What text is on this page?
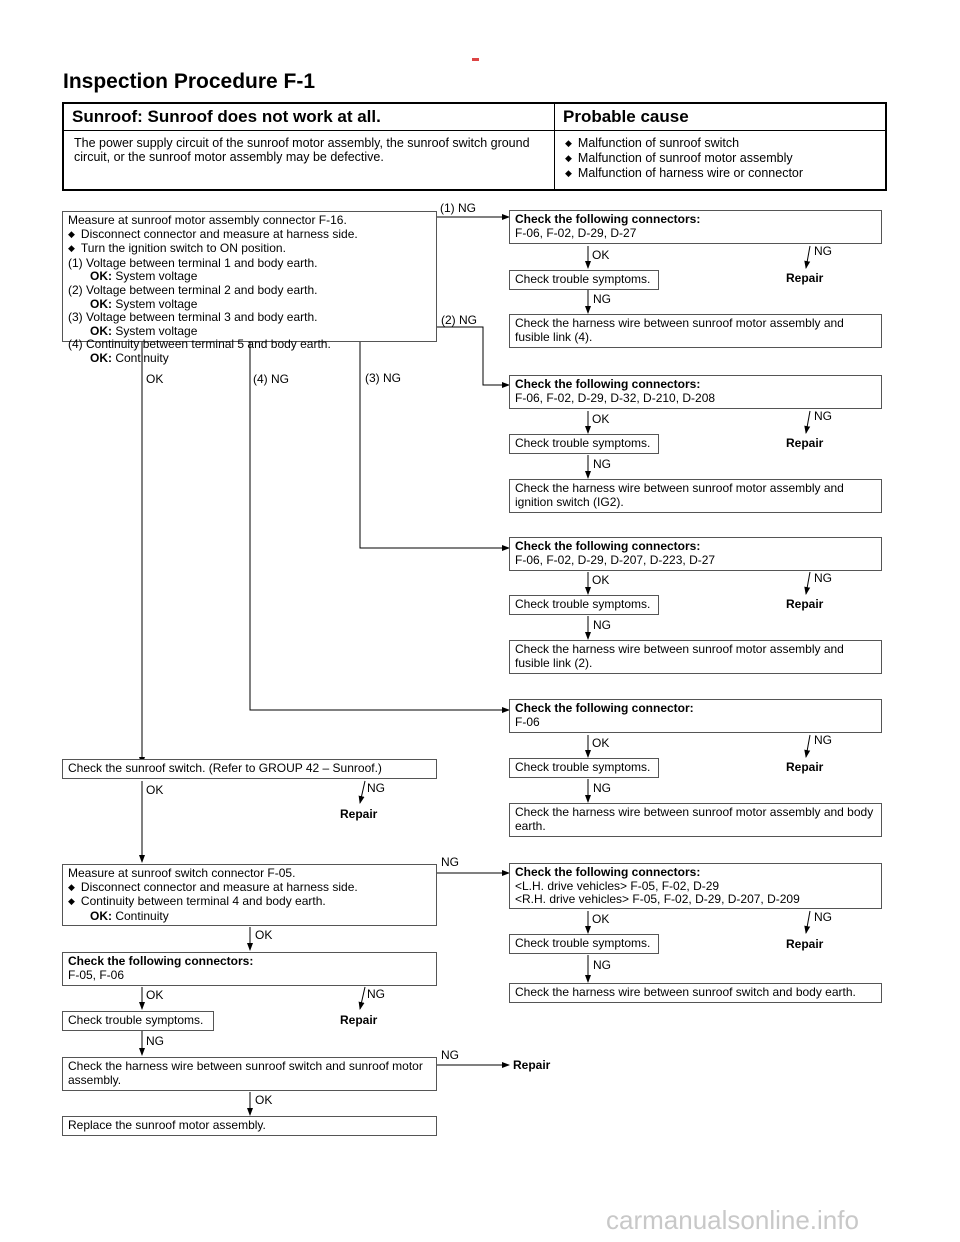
Inspection Procedure F-1
Sunroof: Sunroof does not work at all.	Probable cause
The power supply circuit of the sunroof motor assembly, the sunroof switch ground circuit, or the sunroof motor assembly may be defective.	◆ Malfunction of sunroof switch
◆ Malfunction of sunroof motor assembly
◆ Malfunction of harness wire or connector
Measure at sunroof motor assembly connector F-16.
◆ Disconnect connector and measure at harness side.
◆ Turn the ignition switch to ON position.
(1) Voltage between terminal 1 and body earth.
OK: System voltage
(2) Voltage between terminal 2 and body earth.
OK: System voltage
(3) Voltage between terminal 3 and body earth.
OK: System voltage
(4) Continuity between terminal 5 and body earth.
OK: Continuity
Check the following connectors:
F-06, F-02, D-29, D-27
Check trouble symptoms.
Check the harness wire between sunroof motor assembly and fusible link (4).
Check the following connectors:
F-06, F-02, D-29, D-32, D-210, D-208
Check trouble symptoms.
Check the harness wire between sunroof motor assembly and ignition switch (IG2).
Check the following connectors:
F-06, F-02, D-29, D-207, D-223, D-27
Check trouble symptoms.
Check the harness wire between sunroof motor assembly and fusible link (2).
Check the following connector:
F-06
Check trouble symptoms.
Check the harness wire between sunroof motor assembly and body earth.
Check the sunroof switch. (Refer to GROUP 42 – Sunroof.)
Measure at sunroof switch connector F-05.
◆ Disconnect connector and measure at harness side.
◆ Continuity between terminal 4 and body earth.
OK: Continuity
Check the following connectors:
<L.H. drive vehicles> F-05, F-02, D-29
<R.H. drive vehicles> F-05, F-02, D-29, D-207, D-209
Check trouble symptoms.
Check the harness wire between sunroof switch and body earth.
Check the following connectors:
F-05, F-06
Check trouble symptoms.
Check the harness wire between sunroof switch and sunroof motor assembly.
Replace the sunroof motor assembly.
(1) NG
(2) NG
(3) NG
(4) NG
OK
OK	NG
Repair
NG
OK	NG
Repair
NG
OK	NG
Repair
NG
OK	NG
Repair
NG
OK	NG
Repair
NG
OK
OK	NG
Repair
NG
OK	NG
Repair
NG
NG
Repair
OK
carmanualsonline.info
